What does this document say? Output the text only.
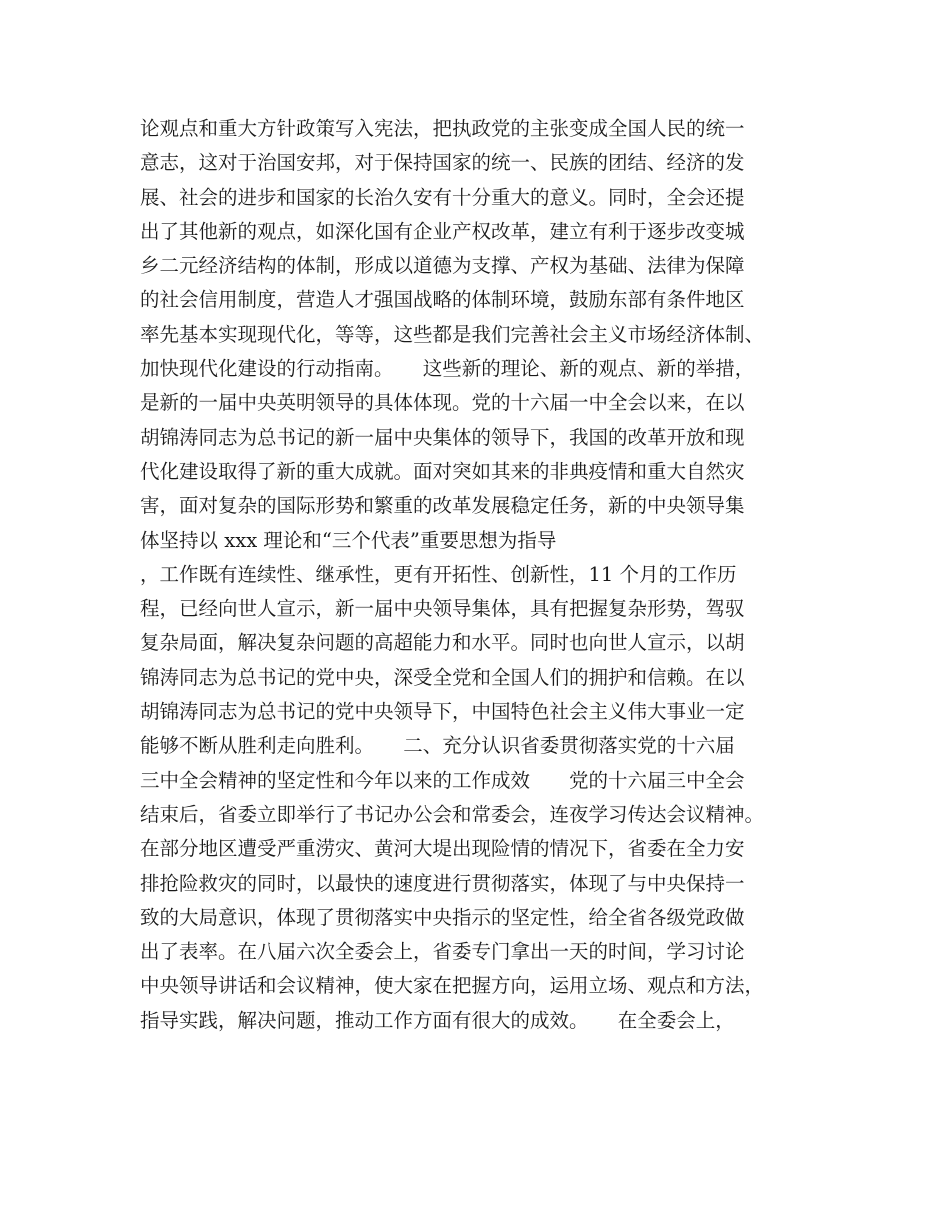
论观点和重大方针政策写入宪法，把执政党的主张变成全国人民的统一
意志，这对于治国安邦，对于保持国家的统一、民族的团结、经济的发
展、社会的进步和国家的长治久安有十分重大的意义。同时，全会还提
出了其他新的观点，如深化国有企业产权改革，建立有利于逐步改变城
乡二元经济结构的体制，形成以道德为支撑、产权为基础、法律为保障
的社会信用制度，营造人才强国战略的体制环境，鼓励东部有条件地区
率先基本实现现代化，等等，这些都是我们完善社会主义市场经济体制、
加快现代化建设的行动指南。　　这些新的理论、新的观点、新的举措，
是新的一届中央英明领导的具体体现。党的十六届一中全会以来，在以
胡锦涛同志为总书记的新一届中央集体的领导下，我国的改革开放和现
代化建设取得了新的重大成就。面对突如其来的非典疫情和重大自然灾
害，面对复杂的国际形势和繁重的改革发展稳定任务，新的中央领导集
体坚持以 xxx 理论和“三个代表”重要思想为指导
，工作既有连续性、继承性，更有开拓性、创新性，11 个月的工作历
程，已经向世人宣示，新一届中央领导集体，具有把握复杂形势，驾驭
复杂局面，解决复杂问题的高超能力和水平。同时也向世人宣示，以胡
锦涛同志为总书记的党中央，深受全党和全国人们的拥护和信赖。在以
胡锦涛同志为总书记的党中央领导下，中国特色社会主义伟大事业一定
能够不断从胜利走向胜利。　　二、充分认识省委贯彻落实党的十六届
三中全会精神的坚定性和今年以来的工作成效　　党的十六届三中全会
结束后，省委立即举行了书记办公会和常委会，连夜学习传达会议精神。
在部分地区遭受严重涝灾、黄河大堤出现险情的情况下，省委在全力安
排抢险救灾的同时，以最快的速度进行贯彻落实，体现了与中央保持一
致的大局意识，体现了贯彻落实中央指示的坚定性，给全省各级党政做
出了表率。在八届六次全委会上，省委专门拿出一天的时间，学习讨论
中央领导讲话和会议精神，使大家在把握方向，运用立场、观点和方法，
指导实践，解决问题，推动工作方面有很大的成效。　　在全委会上，
